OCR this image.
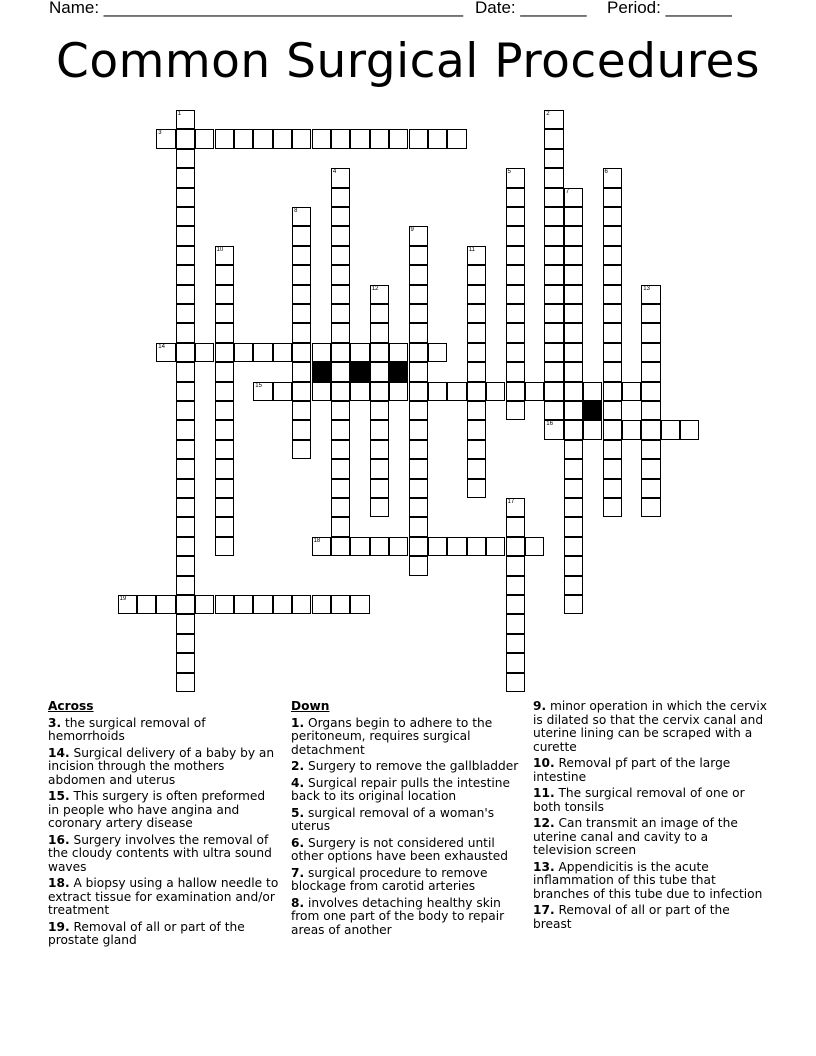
Name: ______________________________________ Date: _______ Period: _______
Common Surgical Procedures
1	2
3
4	5	6
7
8
9
10	11
12	13
14
15
16
17
18
19
Across
3. the surgical removal of hemorrhoids
14. Surgical delivery of a baby by an incision through the mothers abdomen and uterus
15. This surgery is often preformed in people who have angina and coronary artery disease
16. Surgery involves the removal of the cloudy contents with ultra sound waves
18. A biopsy using a hallow needle to extract tissue for examination and/or treatment
19. Removal of all or part of the prostate gland
Down
1. Organs begin to adhere to the peritoneum, requires surgical detachment
2. Surgery to remove the gallbladder
4. Surgical repair pulls the intestine back to its original location
5. surgical removal of a woman's uterus
6. Surgery is not considered until other options have been exhausted
7. surgical procedure to remove blockage from carotid arteries
8. involves detaching healthy skin from one part of the body to repair areas of another
9. minor operation in which the cervix is dilated so that the cervix canal and uterine lining can be scraped with a curette
10. Removal pf part of the large intestine
11. The surgical removal of one or both tonsils
12. Can transmit an image of the uterine canal and cavity to a television screen
13. Appendicitis is the acute inflammation of this tube that branches of this tube due to infection
17. Removal of all or part of the breast
